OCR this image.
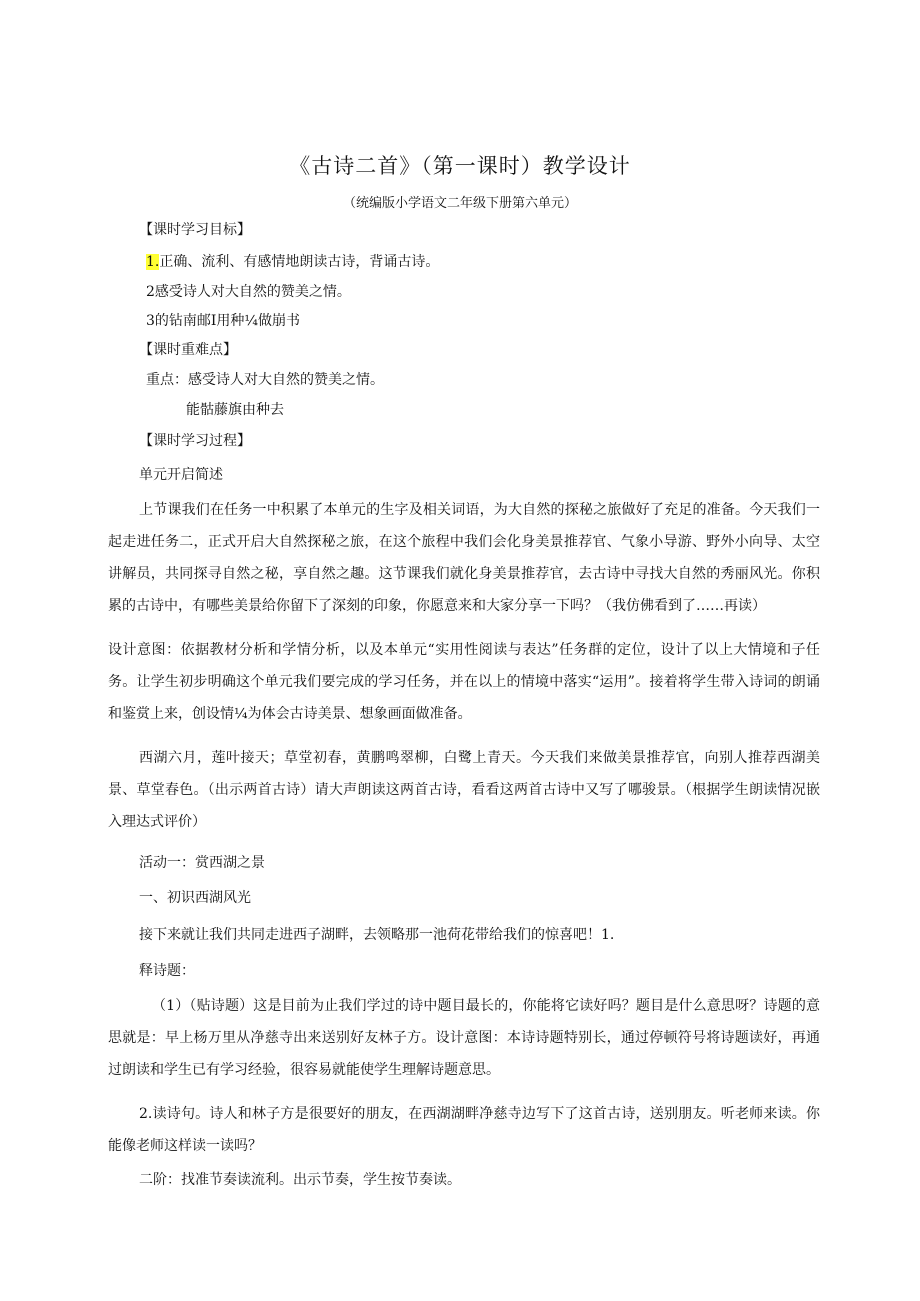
《古诗二首》（第一课时）教学设计
（统编版小学语文二年级下册第六单元）
【课时学习目标】
1.正确、流利、有感情地朗读古诗，背诵古诗。
2感受诗人对大自然的赞美之情。
3的钻南邮I用种¼做崩书
【课时重难点】
重点：感受诗人对大自然的赞美之情。
能骷藤旗由种去
【课时学习过程】
单元开启简述

上节课我们在任务一中积累了本单元的生字及相关词语，为大自然的探秘之旅做好了充足的准备。今天我们一起走进任务二，正式开启大自然探秘之旅，在这个旅程中我们会化身美景推荐官、气象小导游、野外小向导、太空讲解员，共同探寻自然之秘，享自然之趣。这节课我们就化身美景推荐官，去古诗中寻找大自然的秀丽风光。你积累的古诗中，有哪些美景给你留下了深刻的印象，你愿意来和大家分享一下吗？（我仿佛看到了……再读）

设计意图：依据教材分析和学情分析，以及本单元“实用性阅读与表达”任务群的定位，设计了以上大情境和子任务。让学生初步明确这个单元我们要完成的学习任务，并在以上的情境中落实“运用”。接着将学生带入诗词的朗诵和鉴赏上来，创设情¼为体会古诗美景、想象画面做准备。

西湖六月，莲叶接天；草堂初春，黄鹏鸣翠柳，白鹭上青天。今天我们来做美景推荐官，向别人推荐西湖美景、草堂春色。（出示两首古诗）请大声朗读这两首古诗，看看这两首古诗中又写了哪骏景。（根据学生朗读情况嵌入理达式评价）

活动一：赏西湖之景
一、初识西湖风光
接下来就让我们共同走进西子湖畔，去领略那一池荷花带给我们的惊喜吧！1.
释诗题：

（1）（贴诗题）这是目前为止我们学过的诗中题目最长的，你能将它读好吗？题目是什么意思呀？诗题的意思就是：早上杨万里从净慈寺出来送别好友林子方。设计意图：本诗诗题特别长，通过停顿符号将诗题读好，再通过朗读和学生已有学习经验，很容易就能使学生理解诗题意思。

2.读诗句。诗人和林子方是很要好的朋友，在西湖湖畔净慈寺边写下了这首古诗，送别朋友。听老师来读。你能像老师这样读一读吗？

二阶：找准节奏读流利。出示节奏，学生按节奏读。
